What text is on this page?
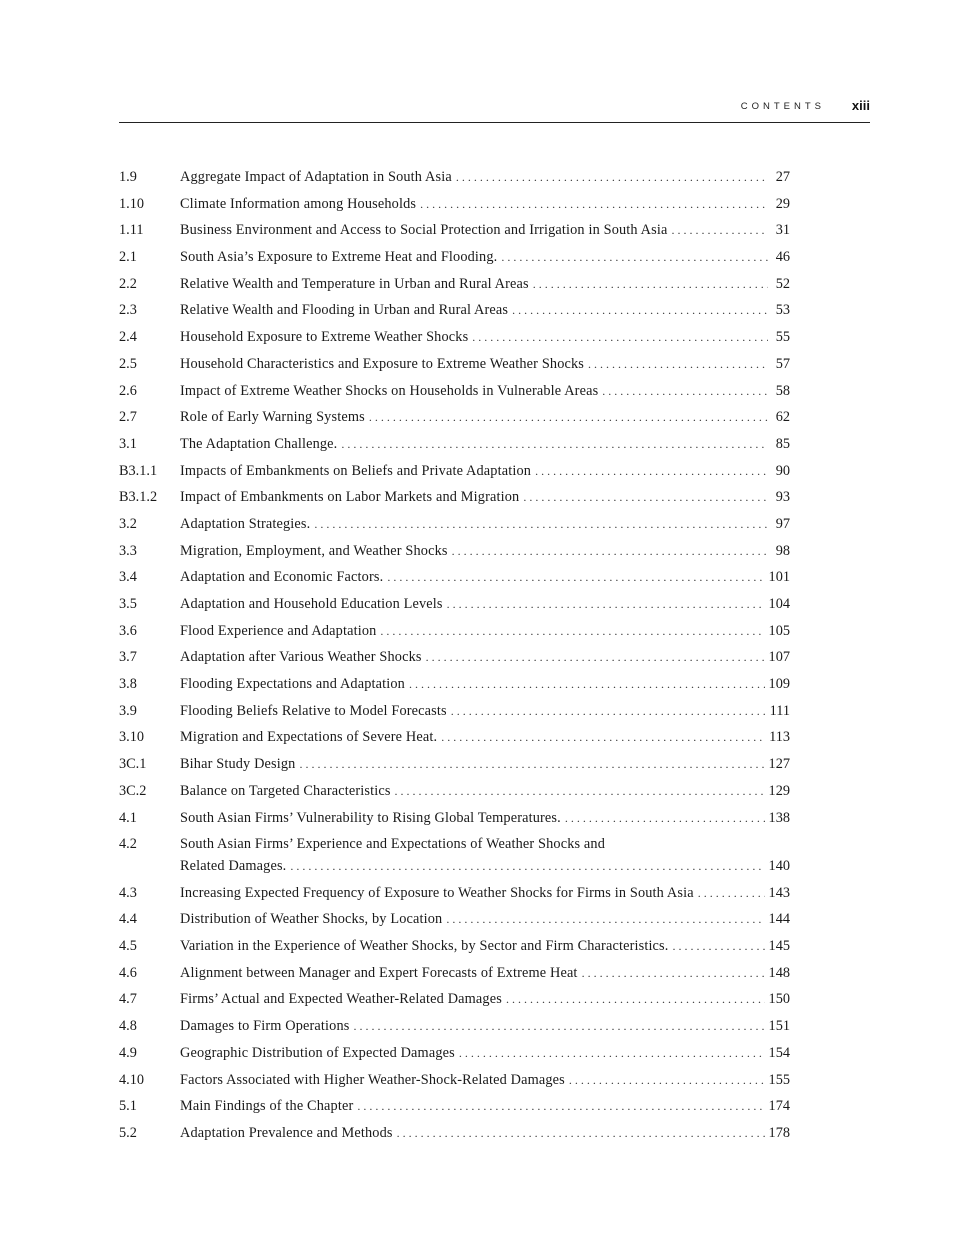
CONTENTS xiii
1.9	Aggregate Impact of Adaptation in South Asia . . .	27
1.10	Climate Information among Households . . .	29
1.11	Business Environment and Access to Social Protection and Irrigation in South Asia . . .	31
2.1	South Asia’s Exposure to Extreme Heat and Flooding. . . .	46
2.2	Relative Wealth and Temperature in Urban and Rural Areas . . .	52
2.3	Relative Wealth and Flooding in Urban and Rural Areas . . .	53
2.4	Household Exposure to Extreme Weather Shocks . . .	55
2.5	Household Characteristics and Exposure to Extreme Weather Shocks . . .	57
2.6	Impact of Extreme Weather Shocks on Households in Vulnerable Areas . . .	58
2.7	Role of Early Warning Systems . . .	62
3.1	The Adaptation Challenge. . . .	85
B3.1.1	Impacts of Embankments on Beliefs and Private Adaptation . . .	90
B3.1.2	Impact of Embankments on Labor Markets and Migration . . .	93
3.2	Adaptation Strategies. . . .	97
3.3	Migration, Employment, and Weather Shocks . . .	98
3.4	Adaptation and Economic Factors. . . .	101
3.5	Adaptation and Household Education Levels . . .	104
3.6	Flood Experience and Adaptation . . .	105
3.7	Adaptation after Various Weather Shocks . . .	107
3.8	Flooding Expectations and Adaptation . . .	109
3.9	Flooding Beliefs Relative to Model Forecasts . . .	111
3.10	Migration and Expectations of Severe Heat. . . .	113
3C.1	Bihar Study Design . . .	127
3C.2	Balance on Targeted Characteristics . . .	129
4.1	South Asian Firms’ Vulnerability to Rising Global Temperatures. . . .	138
4.2	South Asian Firms’ Experience and Expectations of Weather Shocks and
Related Damages. . . .	140
4.3	Increasing Expected Frequency of Exposure to Weather Shocks for Firms in South Asia . . .	143
4.4	Distribution of Weather Shocks, by Location . . .	144
4.5	Variation in the Experience of Weather Shocks, by Sector and Firm Characteristics. . . .	145
4.6	Alignment between Manager and Expert Forecasts of Extreme Heat . . .	148
4.7	Firms’ Actual and Expected Weather-Related Damages . . .	150
4.8	Damages to Firm Operations . . .	151
4.9	Geographic Distribution of Expected Damages . . .	154
4.10	Factors Associated with Higher Weather-Shock-Related Damages . . .	155
5.1	Main Findings of the Chapter . . .	174
5.2	Adaptation Prevalence and Methods . . .	178
